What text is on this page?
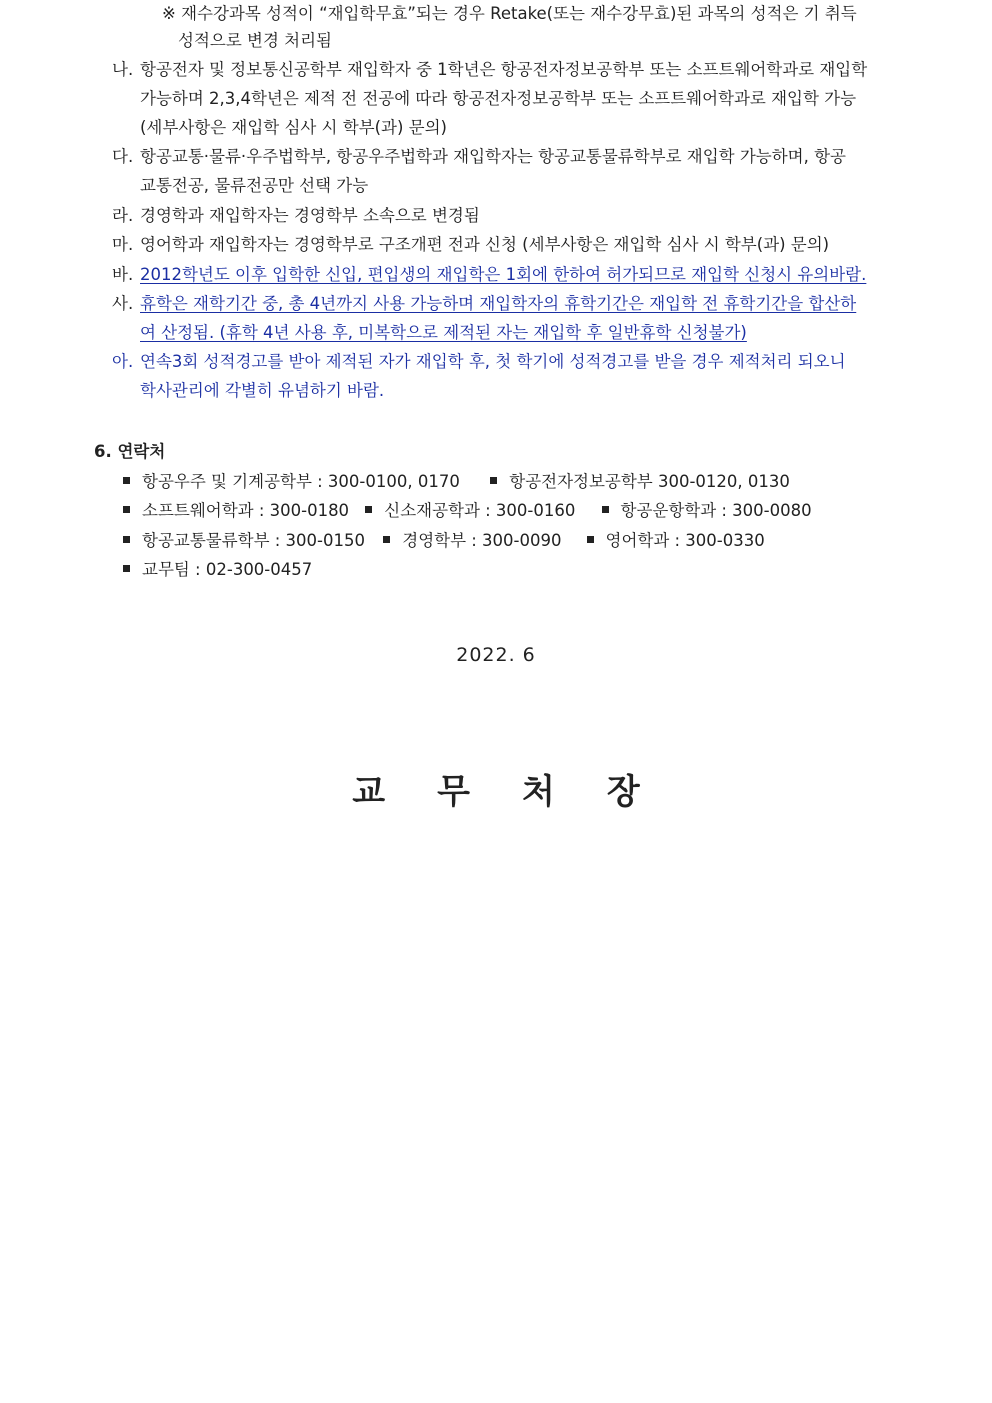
※ 재수강과목 성적이 “재입학무효”되는 경우 Retake(또는 재수강무효)된 과목의 성적은 기 취득
성적으로 변경 처리됨
나. 항공전자 및 정보통신공학부 재입학자 중 1학년은 항공전자정보공학부 또는 소프트웨어학과로 재입학
가능하며 2,3,4학년은 제적 전 전공에 따라 항공전자정보공학부 또는 소프트웨어학과로 재입학 가능
(세부사항은 재입학 심사 시 학부(과) 문의)
다. 항공교통·물류·우주법학부, 항공우주법학과 재입학자는 항공교통물류학부로 재입학 가능하며, 항공
교통전공, 물류전공만 선택 가능
라. 경영학과 재입학자는 경영학부 소속으로 변경됨
마. 영어학과 재입학자는 경영학부로 구조개편 전과 신청 (세부사항은 재입학 심사 시 학부(과) 문의)
바. 2012학년도 이후 입학한 신입, 편입생의 재입학은 1회에 한하여 허가되므로 재입학 신청시 유의바람.
사. 휴학은 재학기간 중, 총 4년까지 사용 가능하며 재입학자의 휴학기간은 재입학 전 휴학기간을 합산하
여 산정됨. (휴학 4년 사용 후, 미복학으로 제적된 자는 재입학 후 일반휴학 신청불가)
아. 연속3회 성적경고를 받아 제적된 자가 재입학 후, 첫 학기에 성적경고를 받을 경우 제적처리 되오니
학사관리에 각별히 유념하기 바람.
6. 연락처
항공우주 및 기계공학부 : 300-0100, 0170	항공전자정보공학부 300-0120, 0130
소프트웨어학과 : 300-0180 신소재공학과 : 300-0160	항공운항학과 : 300-0080
항공교통물류학부 : 300-0150 경영학부 : 300-0090	영어학과 : 300-0330
교무팀 : 02-300-0457
2022. 6
교무처장
